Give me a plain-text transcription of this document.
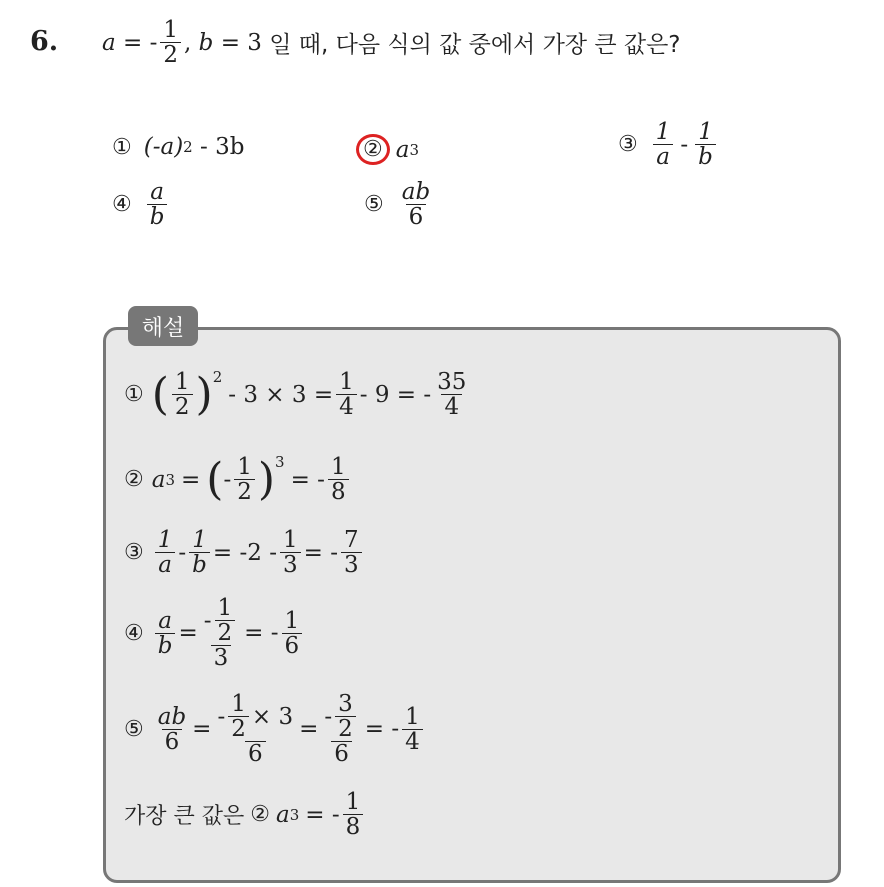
6. a = - $\frac{1}{2}$ , b = 3 일 때, 다음 식의 값 중에서 가장 큰 값은?
① (-a) 2 - 3b	② a 3	③ $\frac{1}{a} - \frac{1}{b}$
④ $\frac{a}{b}$	⑤ $\frac{ab}{6}$
해설
① ( $\frac{1}{2}$ ) 2
- $3 \times 3 = \frac{1}{4} - 9$ = - $\frac{35}{4}$
② a 3 = ( - $\frac{1}{2}$ ) 3
= - $\frac{1}{8}$
③ $\frac{1}{a} - \frac{1}{b} = -2 - \frac{1}{3}$ = - $\frac{7}{3}$
④ $\frac{a}{b} = \frac{- \frac{1}{2}}{3}$ = - $\frac{1}{6}$
⑤ $\frac{ab}{6} = \frac{- \frac{1}{2} \times 3}{6} = \frac{- \frac{3}{2}}{6}$ = - $\frac{1}{4}$
가장 큰 값은 ② a 3 = - $\frac{1}{8}$
